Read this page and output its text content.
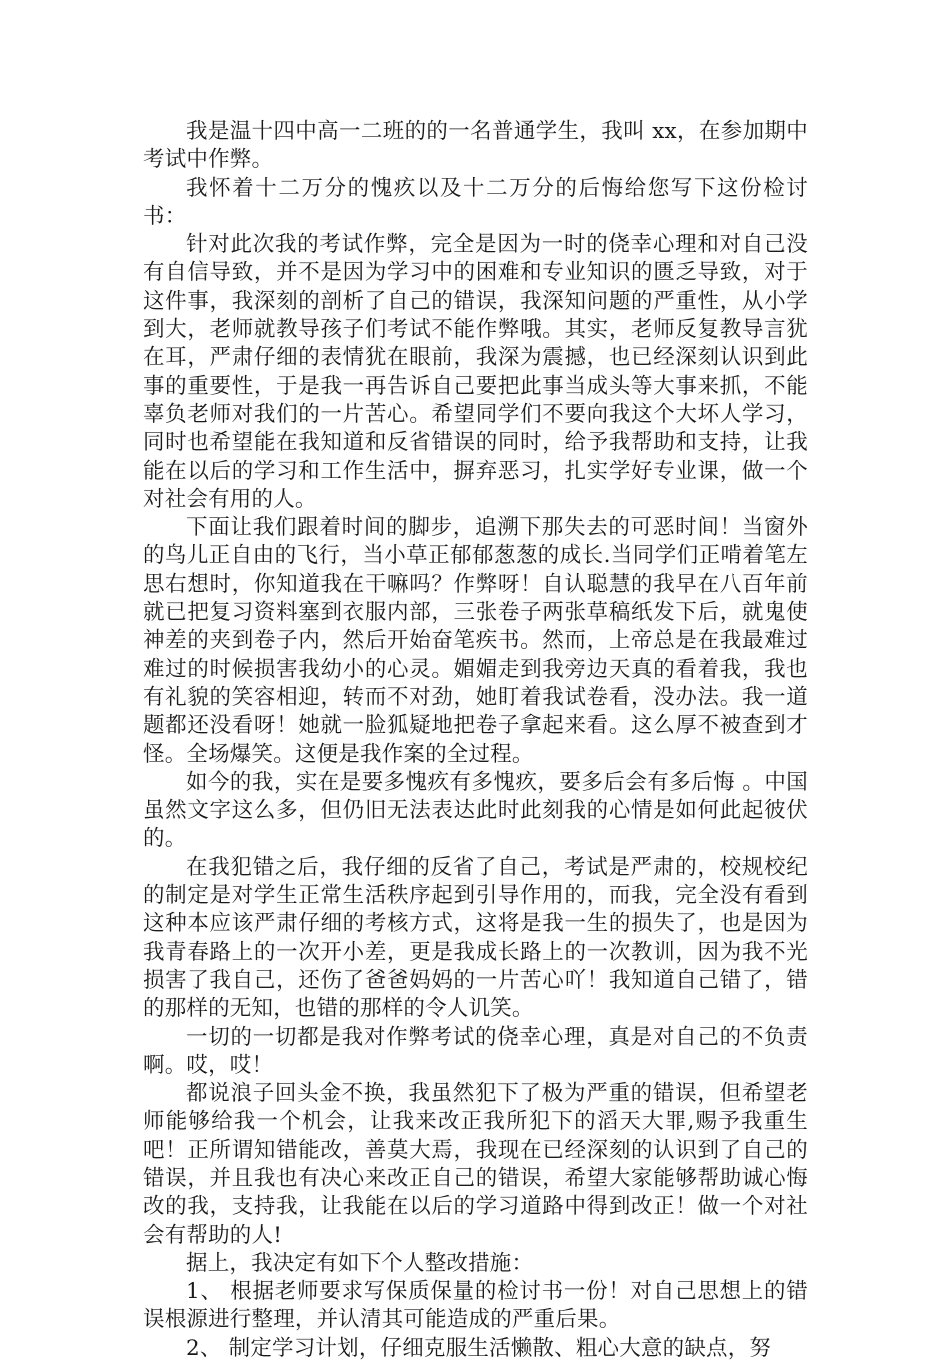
我是温十四中高一二班的的一名普通学生，我叫 xx，在参加期中考试中作弊。

我怀着十二万分的愧疚以及十二万分的后悔给您写下这份检讨书：

针对此次我的考试作弊，完全是因为一时的侥幸心理和对自己没有自信导致，并不是因为学习中的困难和专业知识的匮乏导致，对于这件事，我深刻的剖析了自己的错误，我深知问题的严重性，从小学到大，老师就教导孩子们考试不能作弊哦。其实，老师反复教导言犹在耳，严肃仔细的表情犹在眼前，我深为震撼，也已经深刻认识到此事的重要性，于是我一再告诉自己要把此事当成头等大事来抓，不能辜负老师对我们的一片苦心。希望同学们不要向我这个大坏人学习，同时也希望能在我知道和反省错误的同时，给予我帮助和支持，让我能在以后的学习和工作生活中，摒弃恶习，扎实学好专业课，做一个对社会有用的人。

下面让我们跟着时间的脚步，追溯下那失去的可恶时间！当窗外的鸟儿正自由的飞行，当小草正郁郁葱葱的成长.当同学们正啃着笔左思右想时，你知道我在干嘛吗？作弊呀！自认聪慧的我早在八百年前就已把复习资料塞到衣服内部，三张卷子两张草稿纸发下后，就鬼使神差的夹到卷子内，然后开始奋笔疾书。然而，上帝总是在我最难过难过的时候损害我幼小的心灵。媚媚走到我旁边天真的看着我，我也有礼貌的笑容相迎，转而不对劲，她盯着我试卷看，没办法。我一道题都还没看呀！她就一脸狐疑地把卷子拿起来看。这么厚不被查到才怪。全场爆笑。这便是我作案的全过程。

如今的我，实在是要多愧疚有多愧疚，要多后会有多后悔 。中国虽然文字这么多，但仍旧无法表达此时此刻我的心情是如何此起彼伏的。

在我犯错之后，我仔细的反省了自己，考试是严肃的，校规校纪的制定是对学生正常生活秩序起到引导作用的，而我，完全没有看到这种本应该严肃仔细的考核方式，这将是我一生的损失了，也是因为我青春路上的一次开小差，更是我成长路上的一次教训，因为我不光损害了我自己，还伤了爸爸妈妈的一片苦心吖！我知道自己错了，错的那样的无知，也错的那样的令人讥笑。

一切的一切都是我对作弊考试的侥幸心理，真是对自己的不负责啊。哎，哎！

都说浪子回头金不换，我虽然犯下了极为严重的错误，但希望老师能够给我一个机会，让我来改正我所犯下的滔天大罪,赐予我重生吧！正所谓知错能改，善莫大焉，我现在已经深刻的认识到了自己的错误，并且我也有决心来改正自己的错误，希望大家能够帮助诚心悔改的我，支持我，让我能在以后的学习道路中得到改正！做一个对社会有帮助的人!

据上，我决定有如下个人整改措施：

1、 根据老师要求写保质保量的检讨书一份！对自己思想上的错误根源进行整理，并认清其可能造成的严重后果。

2、 制定学习计划，仔细克服生活懒散、粗心大意的缺点，努
